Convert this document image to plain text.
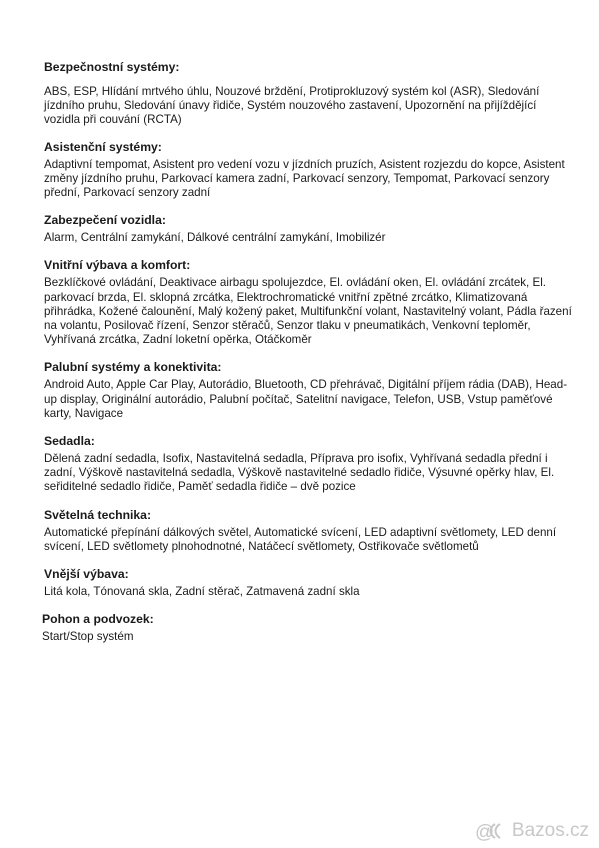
Bezpečnostní systémy:

ABS, ESP, Hlídání mrtvého úhlu, Nouzové brždění, Protiprokluzový systém kol (ASR), Sledování jízdního pruhu, Sledování únavy řidiče, Systém nouzového zastavení, Upozornění na přijíždějící vozidla při couvání (RCTA)

Asistenční systémy:

Adaptivní tempomat, Asistent pro vedení vozu v jízdních pruzích, Asistent rozjezdu do kopce, Asistent změny jízdního pruhu, Parkovací kamera zadní, Parkovací senzory, Tempomat, Parkovací senzory přední, Parkovací senzory zadní

Zabezpečení vozidla:

Alarm, Centrální zamykání, Dálkové centrální zamykání, Imobilizér

Vnitřní výbava a komfort:

Bezklíčkové ovládání, Deaktivace airbagu spolujezdce, El. ovládání oken, El. ovládání zrcátek, El. parkovací brzda, El. sklopná zrcátka, Elektrochromatické vnitřní zpětné zrcátko, Klimatizovaná přihrádka, Kožené čalounění, Malý kožený paket, Multifunkční volant, Nastavitelný volant, Pádla řazení na volantu, Posilovač řízení, Senzor stěračů, Senzor tlaku v pneumatikách, Venkovní teploměr, Vyhřívaná zrcátka, Zadní loketní opěrka, Otáčkoměr

Palubní systémy a konektivita:

Android Auto, Apple Car Play, Autorádio, Bluetooth, CD přehrávač, Digitální příjem rádia (DAB), Head-up display, Originální autorádio, Palubní počítač, Satelitní navigace, Telefon, USB, Vstup paměťové karty, Navigace

Sedadla:

Dělená zadní sedadla, Isofix, Nastavitelná sedadla, Příprava pro isofix, Vyhřívaná sedadla přední i zadní, Výškově nastavitelná sedadla, Výškově nastavitelné sedadlo řidiče, Výsuvné opěrky hlav, El. seřiditelné sedadlo řidiče, Paměť sedadla řidiče – dvě pozice

Světelná technika:

Automatické přepínání dálkových světel, Automatické svícení, LED adaptivní světlomety, LED denní svícení, LED světlomety plnohodnotné, Natáčecí světlomety, Ostřikovače světlometů

Vnější výbava:

Litá kola, Tónovaná skla, Zadní stěrač, Zatmavená zadní skla

Pohon a podvozek:

Start/Stop systém

@ Bazos.cz
